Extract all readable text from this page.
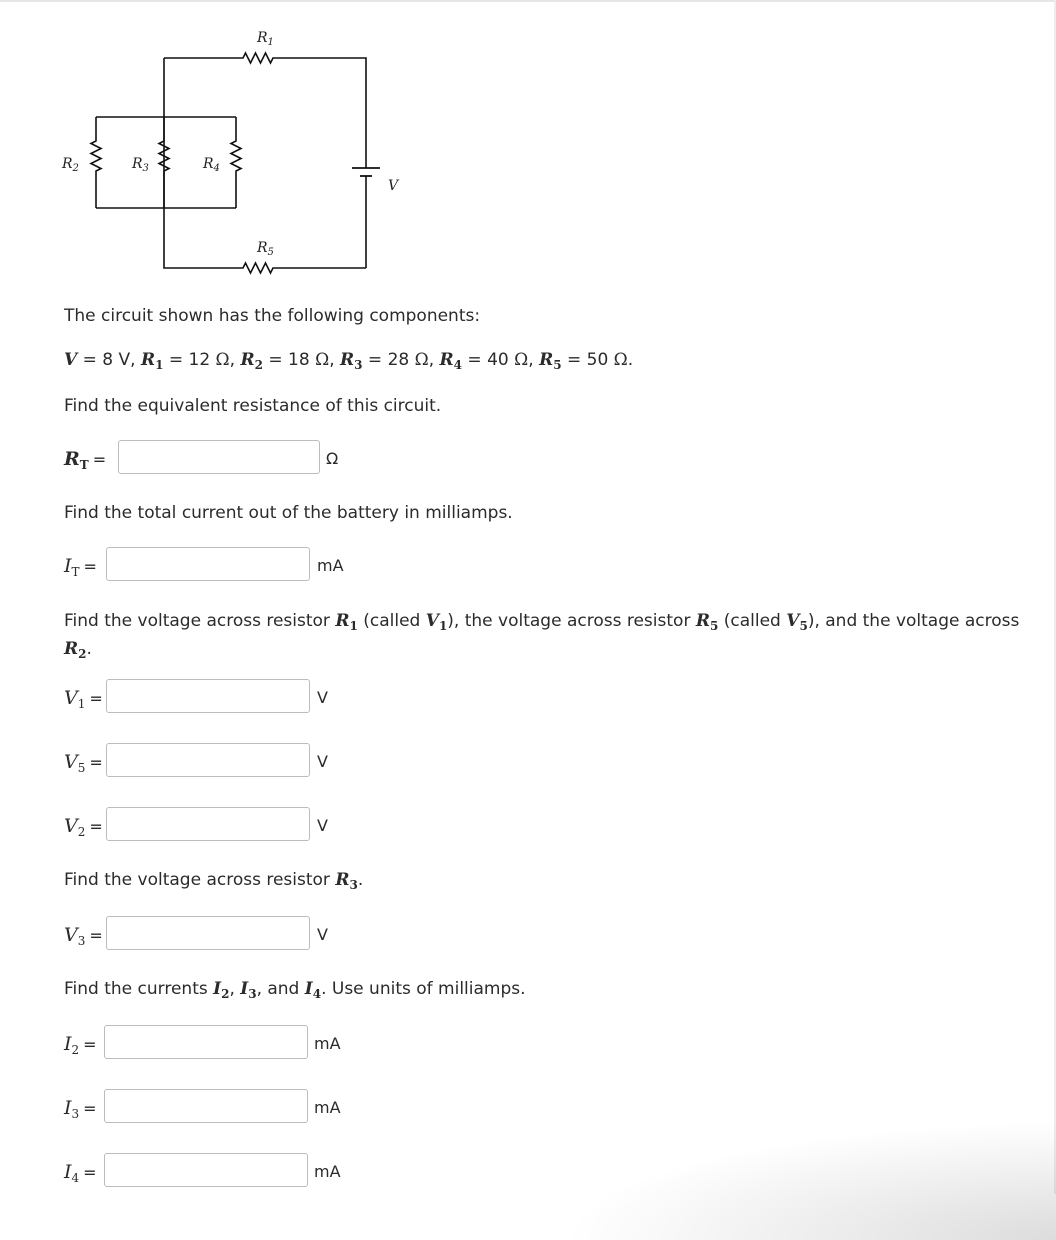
$R_1$
$R_5$
$R_2$	$R_3$	$R_4$
V
The circuit shown has the following components:
V = 8 V, $R_1 = 12$ Ω, $R_2 = 18$ Ω, $R_3 = 28$ Ω, $R_4 = 40$ Ω, $R_5 = 50$ Ω.
Find the equivalent resistance of this circuit.
$R_T$ =	Ω
Find the total current out of the battery in milliamps.
$I_T$ =	mA
Find the voltage across resistor $R_1$ (called $V_1$), the voltage across resistor $R_5$ (called $V_5$), and the voltage across $R_2$.
$V_1$ =	V
$V_5$ =	V
$V_2$ =	V
Find the voltage across resistor $R_3$.
$V_3$ =	V
Find the currents $I_2$, $I_3$, and $I_4$. Use units of milliamps.
$I_2$ =	mA
$I_3$ =	mA
$I_4$ =	mA
